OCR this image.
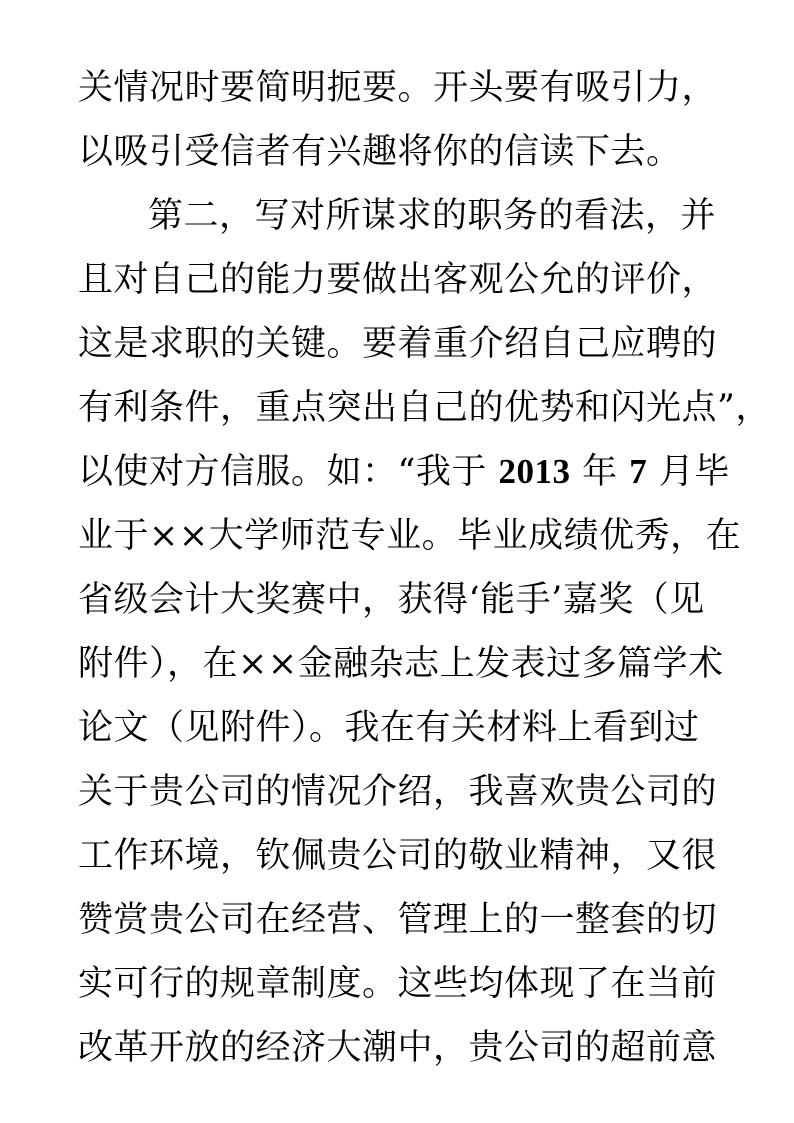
关情况时要简明扼要。开头要有吸引力，
以吸引受信者有兴趣将你的信读下去。
第二，写对所谋求的职务的看法，并
且对自己的能力要做出客观公允的评价，
这是求职的关键。要着重介绍自己应聘的
有利条件，重点突出自己的优势和闪光点”，
以使对方信服。如：“我于 2013 年 7 月毕
业于××大学师范专业。毕业成绩优秀，在
省级会计大奖赛中，获得‘能手’嘉奖（见
附件），在××金融杂志上发表过多篇学术
论文（见附件）。我在有关材料上看到过
关于贵公司的情况介绍，我喜欢贵公司的
工作环境，钦佩贵公司的敬业精神，又很
赞赏贵公司在经营、管理上的一整套的切
实可行的规章制度。这些均体现了在当前
改革开放的经济大潮中，贵公司的超前意
